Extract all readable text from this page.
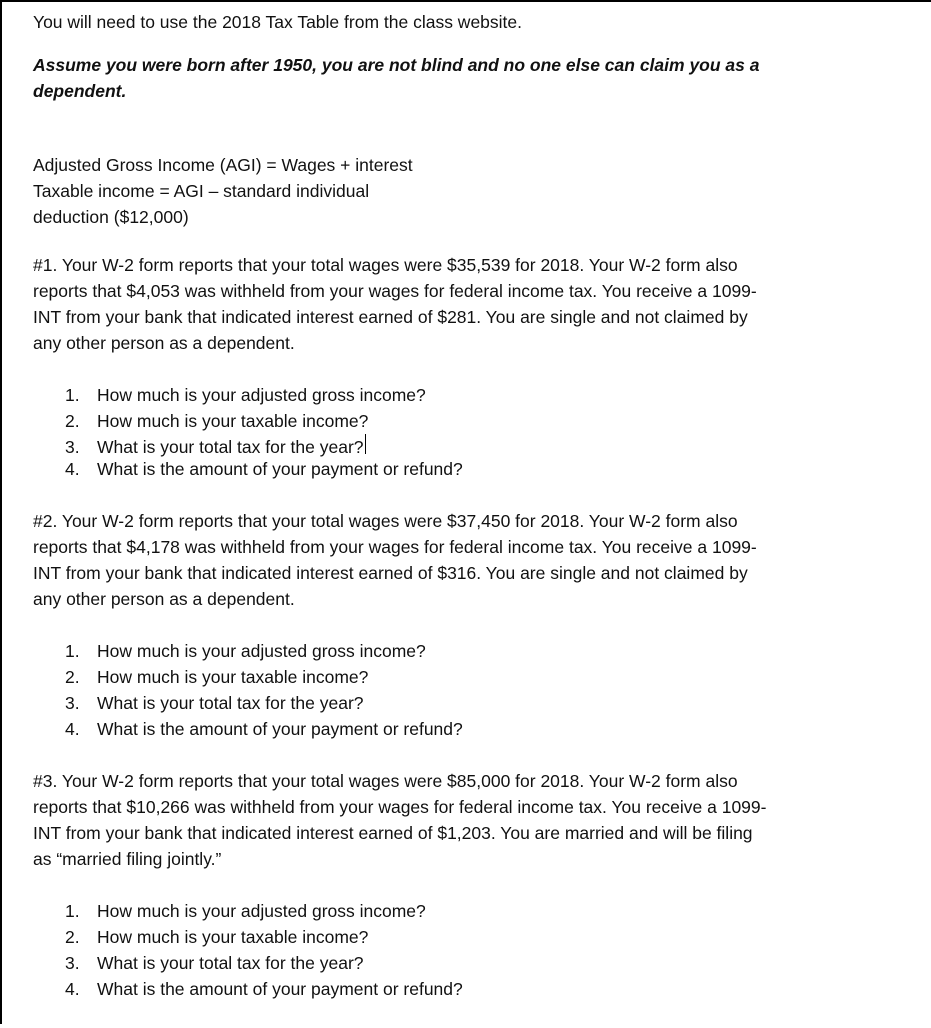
You will need to use the 2018 Tax Table from the class website.

Assume you were born after 1950, you are not blind and no one else can claim you as a
dependent.
Adjusted Gross Income (AGI) = Wages + interest
Taxable income = AGI – standard individual
deduction ($12,000)
#1. Your W-2 form reports that your total wages were $35,539 for 2018. Your W-2 form also
reports that $4,053 was withheld from your wages for federal income tax. You receive a 1099-
INT from your bank that indicated interest earned of $281. You are single and not claimed by
any other person as a dependent.
1. How much is your adjusted gross income?
2. How much is your taxable income?
3. What is your total tax for the year?
4. What is the amount of your payment or refund?
#2. Your W-2 form reports that your total wages were $37,450 for 2018. Your W-2 form also
reports that $4,178 was withheld from your wages for federal income tax. You receive a 1099-
INT from your bank that indicated interest earned of $316. You are single and not claimed by
any other person as a dependent.
1. How much is your adjusted gross income?
2. How much is your taxable income?
3. What is your total tax for the year?
4. What is the amount of your payment or refund?
#3. Your W-2 form reports that your total wages were $85,000 for 2018. Your W-2 form also
reports that $10,266 was withheld from your wages for federal income tax. You receive a 1099-
INT from your bank that indicated interest earned of $1,203. You are married and will be filing
as “married filing jointly.”
1. How much is your adjusted gross income?
2. How much is your taxable income?
3. What is your total tax for the year?
4. What is the amount of your payment or refund?
